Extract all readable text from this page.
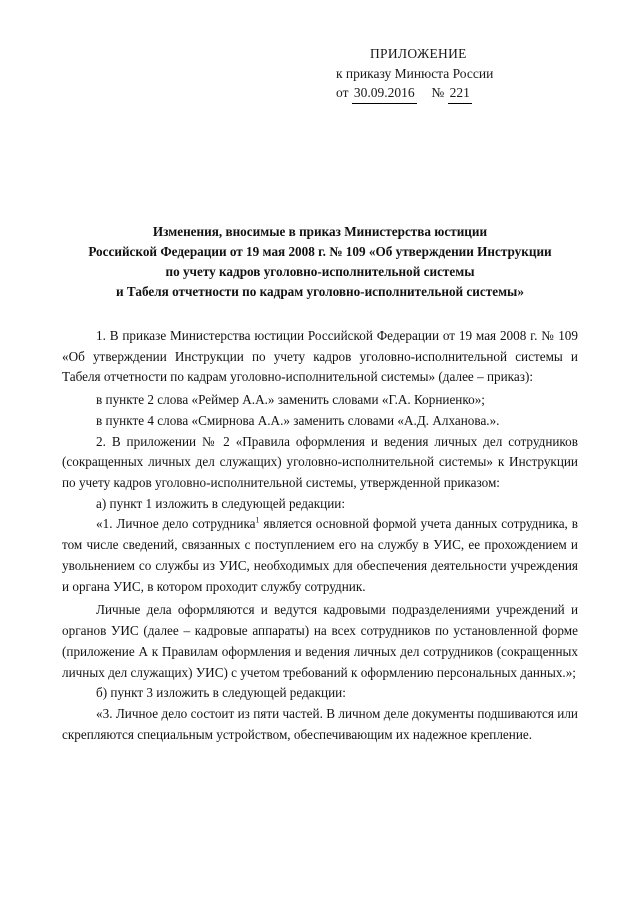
ПРИЛОЖЕНИЕ
к приказу Минюста России
от 30.09.2016 № 221
Изменения, вносимые в приказ Министерства юстиции
Российской Федерации от 19 мая 2008 г. № 109 «Об утверждении Инструкции
по учету кадров уголовно-исполнительной системы
и Табеля отчетности по кадрам уголовно-исполнительной системы»

1. В приказе Министерства юстиции Российской Федерации от 19 мая 2008 г. № 109 «Об утверждении Инструкции по учету кадров уголовно-исполнительной системы и Табеля отчетности по кадрам уголовно-исполнительной системы» (далее – приказ):

в пункте 2 слова «Реймер А.А.» заменить словами «Г.А. Корниенко»;

в пункте 4 слова «Смирнова А.А.» заменить словами «А.Д. Алханова.».

2. В приложении № 2 «Правила оформления и ведения личных дел сотрудников (сокращенных личных дел служащих) уголовно-исполнительной системы» к Инструкции по учету кадров уголовно-исполнительной системы, утвержденной приказом:

а) пункт 1 изложить в следующей редакции:

«1. Личное дело сотрудника$^1$ является основной формой учета данных сотрудника, в том числе сведений, связанных с поступлением его на службу в УИС, ее прохождением и увольнением со службы из УИС, необходимых для обеспечения деятельности учреждения и органа УИС, в котором проходит службу сотрудник.

Личные дела оформляются и ведутся кадровыми подразделениями учреждений и органов УИС (далее – кадровые аппараты) на всех сотрудников по установленной форме (приложение А к Правилам оформления и ведения личных дел сотрудников (сокращенных личных дел служащих) УИС) с учетом требований к оформлению персональных данных.»;

б) пункт 3 изложить в следующей редакции:

«3. Личное дело состоит из пяти частей. В личном деле документы подшиваются или скрепляются специальным устройством, обеспечивающим их надежное крепление.
